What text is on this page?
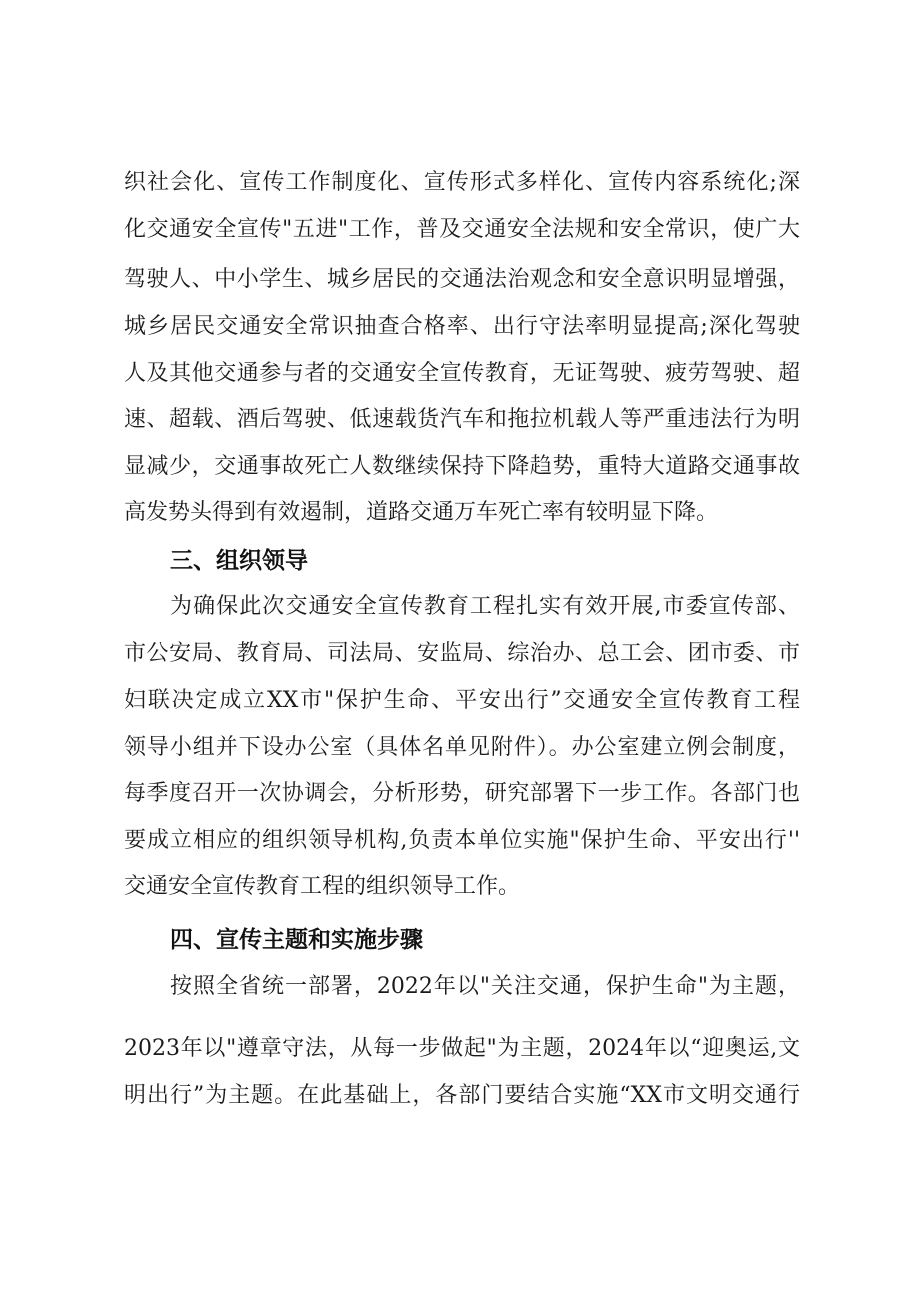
织社会化、宣传工作制度化、宣传形式多样化、宣传内容系统化;深

化交通安全宣传"五进"工作，普及交通安全法规和安全常识，使广大

驾驶人、中小学生、城乡居民的交通法治观念和安全意识明显增强，

城乡居民交通安全常识抽查合格率、出行守法率明显提高;深化驾驶

人及其他交通参与者的交通安全宣传教育，无证驾驶、疲劳驾驶、超

速、超载、酒后驾驶、低速载货汽车和拖拉机载人等严重违法行为明

显减少，交通事故死亡人数继续保持下降趋势，重特大道路交通事故

高发势头得到有效遏制，道路交通万车死亡率有较明显下降。

三、组织领导

为确保此次交通安全宣传教育工程扎实有效开展,市委宣传部、

市公安局、教育局、司法局、安监局、综治办、总工会、团市委、市

妇联决定成立XX市"保护生命、平安出行”交通安全宣传教育工程

领导小组并下设办公室（具体名单见附件）。办公室建立例会制度，

每季度召开一次协调会，分析形势，研究部署下一步工作。各部门也

要成立相应的组织领导机构,负责本单位实施"保护生命、平安出行''

交通安全宣传教育工程的组织领导工作。

四、宣传主题和实施步骤

按照全省统一部署，2022年以"关注交通，保护生命"为主题，

2023年以"遵章守法，从每一步做起"为主题，2024年以“迎奥运,文

明出行”为主题。在此基础上，各部门要结合实施“XX市文明交通行
